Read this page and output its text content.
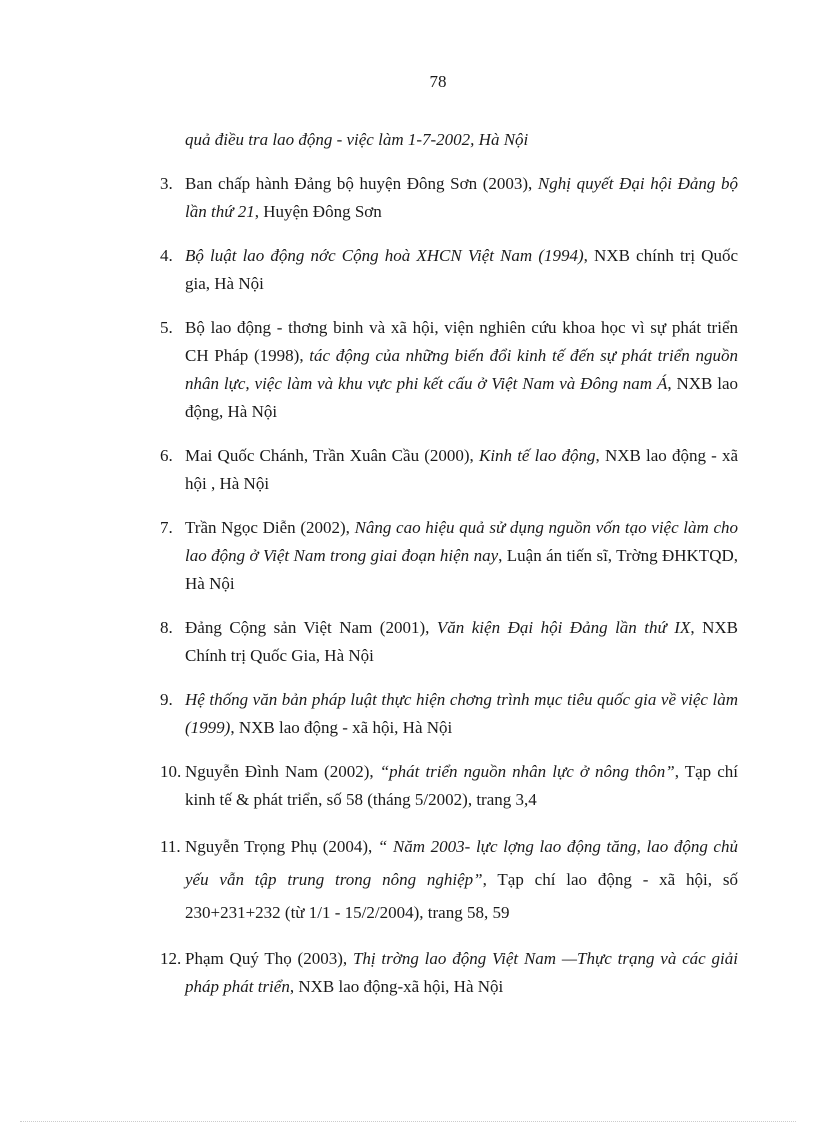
78
quả điều tra lao động - việc làm 1-7-2002, Hà Nội
3. Ban chấp hành Đảng bộ huyện Đông Sơn (2003), Nghị quyết Đại hội Đảng bộ lần thứ 21, Huyện Đông Sơn
4. Bộ luật lao động nớc Cộng hoà XHCN Việt Nam (1994), NXB chính trị Quốc gia, Hà Nội
5. Bộ lao động - thơng binh và xã hội, viện nghiên cứu khoa học vì sự phát triển CH Pháp (1998), tác động của những biến đổi kinh tế đến sự phát triển nguồn nhân lực, việc làm và khu vực phi kết cấu ở Việt Nam và Đông nam Á, NXB lao động, Hà Nội
6. Mai Quốc Chánh, Trần Xuân Cầu (2000), Kinh tế lao động, NXB lao động - xã hội , Hà Nội
7. Trần Ngọc Diễn (2002), Nâng cao hiệu quả sử dụng nguồn vốn tạo việc làm cho lao động ở Việt Nam trong giai đoạn hiện nay, Luận án tiến sĩ, Trờng ĐHKTQD, Hà Nội
8. Đảng Cộng sản Việt Nam (2001), Văn kiện Đại hội Đảng lần thứ IX, NXB Chính trị Quốc Gia, Hà Nội
9. Hệ thống văn bản pháp luật thực hiện chơng trình mục tiêu quốc gia về việc làm (1999), NXB lao động - xã hội, Hà Nội
10. Nguyễn Đình Nam (2002), “phát triển nguồn nhân lực ở nông thôn”, Tạp chí kinh tế & phát triển, số 58 (tháng 5/2002), trang 3,4
11. Nguyễn Trọng Phụ (2004), “ Năm 2003- lực lợng lao động tăng, lao động chủ yếu vẫn tập trung trong nông nghiệp”, Tạp chí lao động - xã hội, số 230+231+232 (từ 1/1 - 15/2/2004), trang 58, 59
12. Phạm Quý Thọ (2003), Thị trờng lao động Việt Nam —Thực trạng và các giải pháp phát triển, NXB lao động-xã hội, Hà Nội
